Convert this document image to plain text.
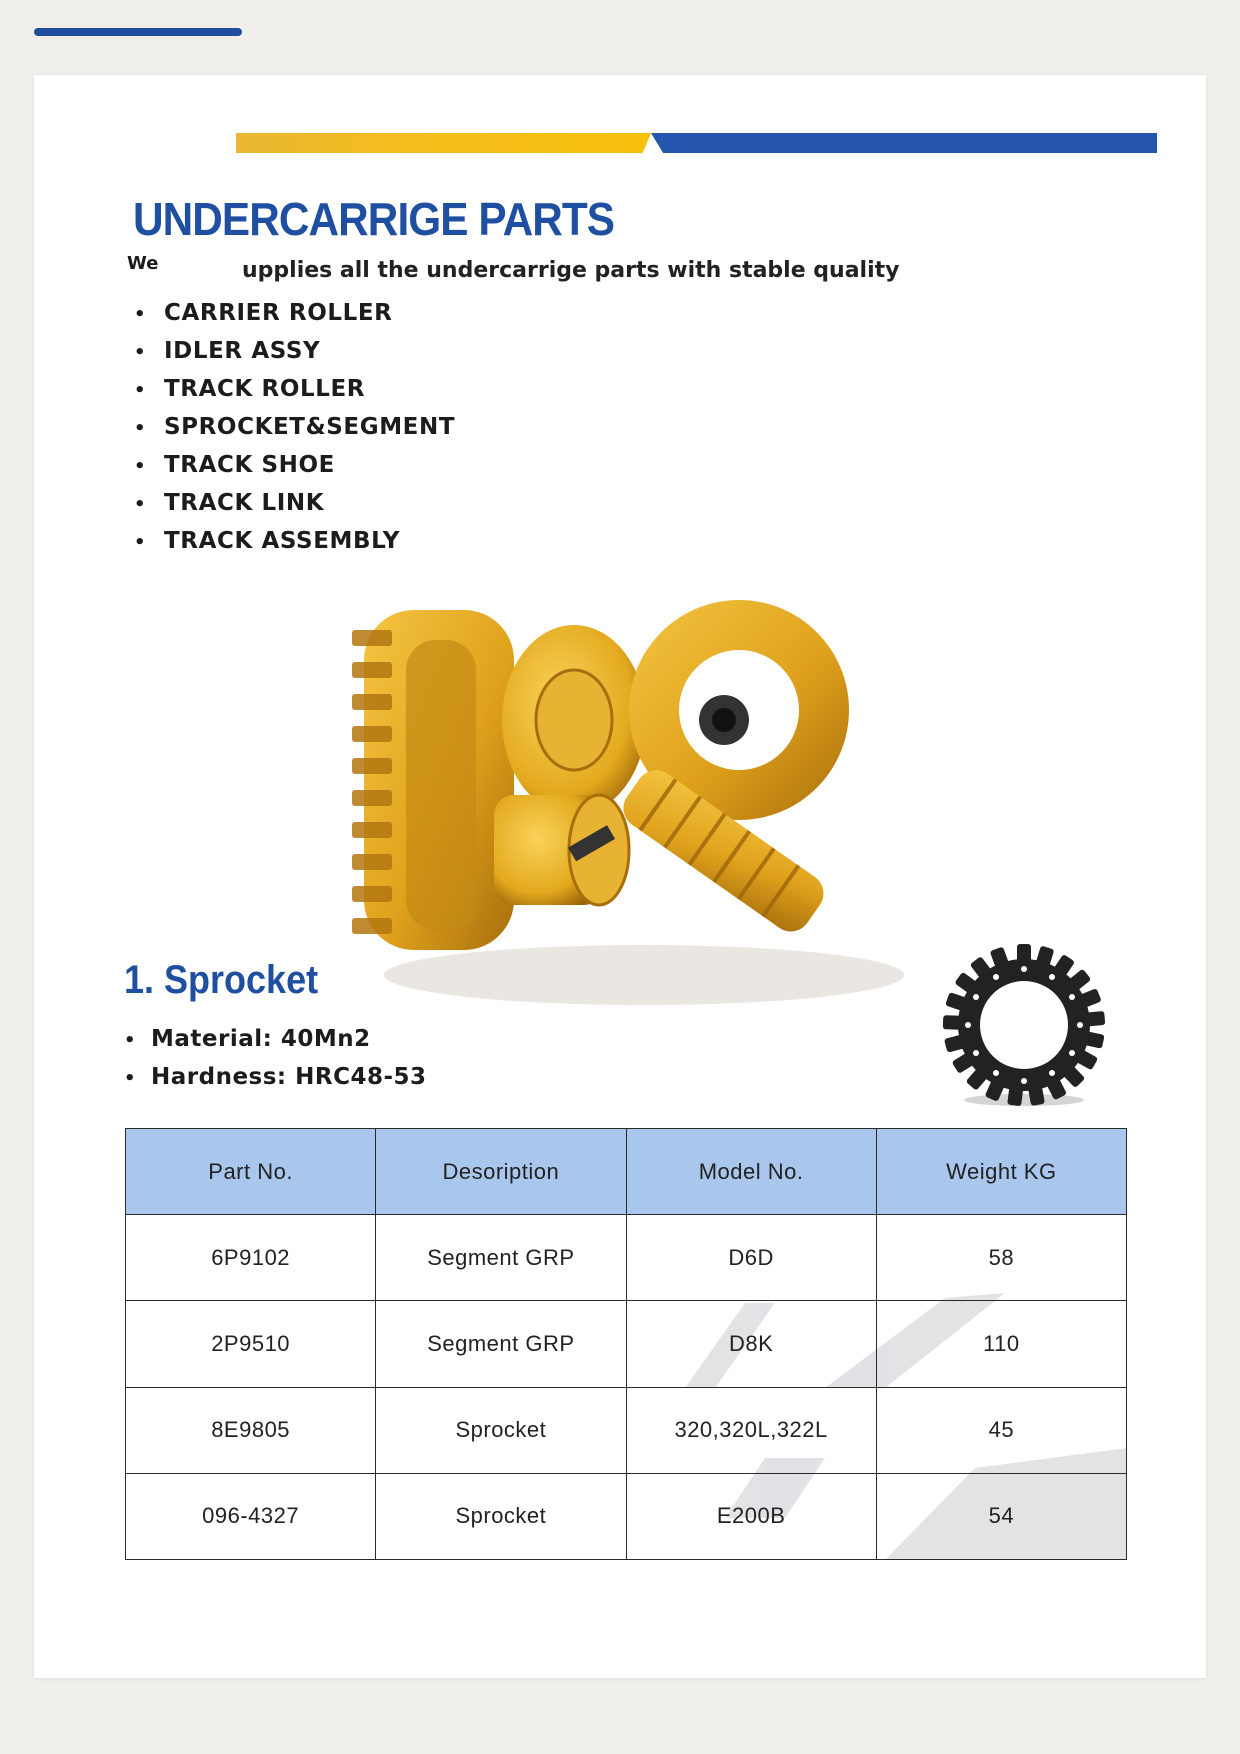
UNDERCARRIGE PARTS
We	upplies all the undercarrige parts with stable quality
• CARRIER ROLLER
• IDLER ASSY
• TRACK ROLLER
• SPROCKET&SEGMENT
• TRACK SHOE
• TRACK LINK
• TRACK ASSEMBLY
1. Sprocket
• Material: 40Mn2
• Hardness: HRC48-53
Part No.	Desoription	Model No.	Weight KG
6P9102	Segment GRP	D6D	58
2P9510	Segment GRP	D8K	110
8E9805	Sprocket	320,320L,322L	45
096-4327	Sprocket	E200B	54
